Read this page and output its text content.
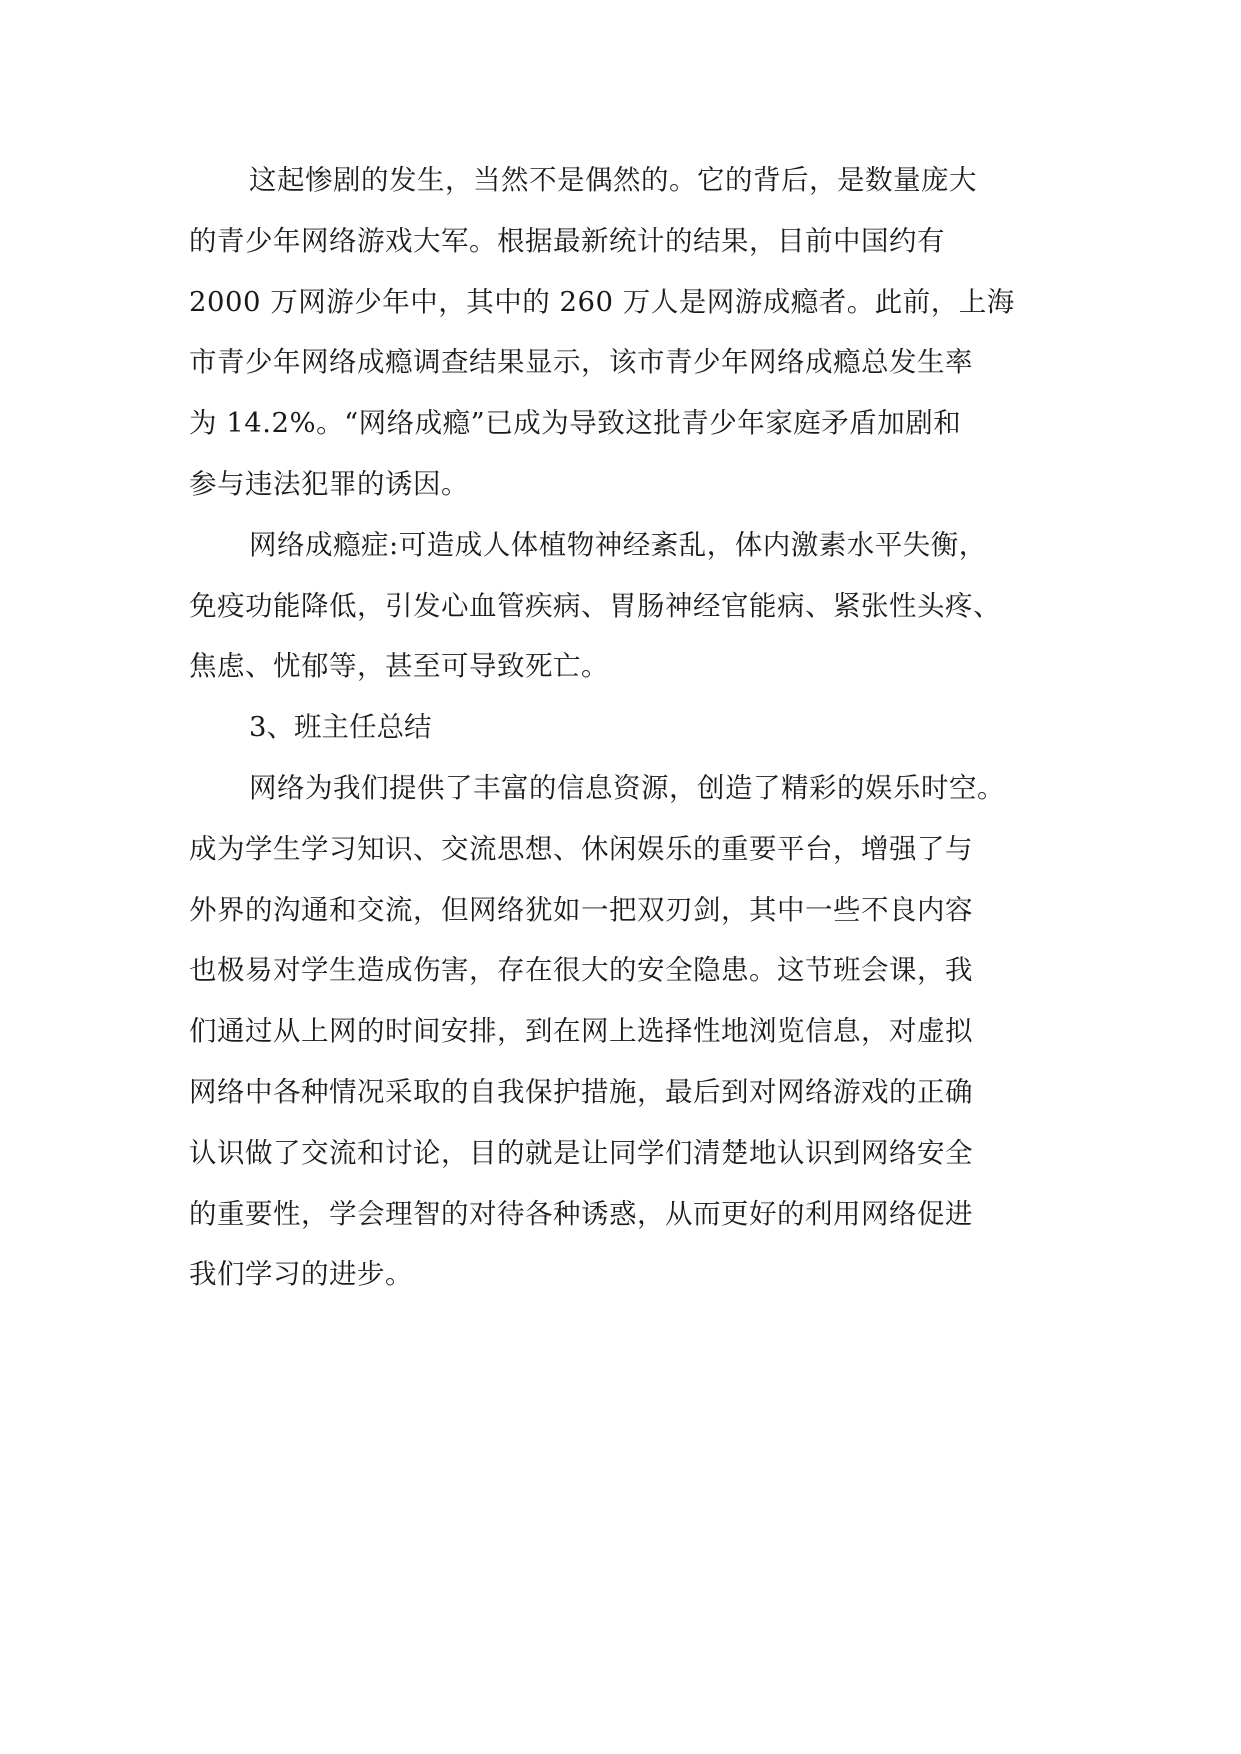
这起惨剧的发生，当然不是偶然的。它的背后，是数量庞大
的青少年网络游戏大军。根据最新统计的结果，目前中国约有
2000 万网游少年中，其中的 260 万人是网游成瘾者。此前，上海
市青少年网络成瘾调查结果显示，该市青少年网络成瘾总发生率
为 14.2%。“网络成瘾”已成为导致这批青少年家庭矛盾加剧和
参与违法犯罪的诱因。

网络成瘾症:可造成人体植物神经紊乱，体内激素水平失衡，
免疫功能降低，引发心血管疾病、胃肠神经官能病、紧张性头疼、
焦虑、忧郁等，甚至可导致死亡。

3、班主任总结

网络为我们提供了丰富的信息资源，创造了精彩的娱乐时空。
成为学生学习知识、交流思想、休闲娱乐的重要平台，增强了与
外界的沟通和交流，但网络犹如一把双刃剑，其中一些不良内容
也极易对学生造成伤害，存在很大的安全隐患。这节班会课，我
们通过从上网的时间安排，到在网上选择性地浏览信息，对虚拟
网络中各种情况采取的自我保护措施，最后到对网络游戏的正确
认识做了交流和讨论，目的就是让同学们清楚地认识到网络安全
的重要性，学会理智的对待各种诱惑，从而更好的利用网络促进
我们学习的进步。
